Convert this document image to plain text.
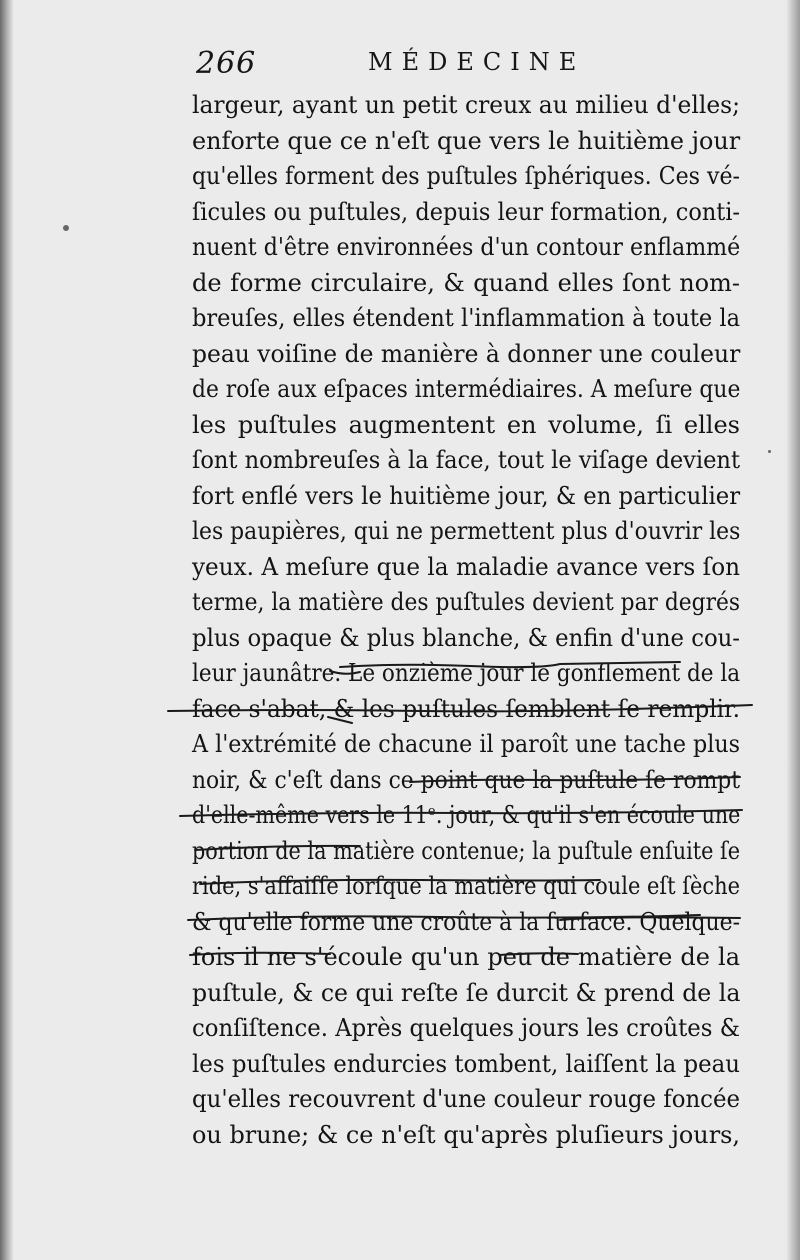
266	MÉDECINE
largeur, ayant un petit creux au milieu d'elles;
enforte que ce n'eſt que vers le huitième jour
qu'elles forment des puſtules ſphériques. Ces vé-
ſicules ou puſtules, depuis leur formation, conti-
nuent d'être environnées d'un contour enflammé
de forme circulaire, & quand elles ſont nom-
breuſes, elles étendent l'inflammation à toute la
peau voiſine de manière à donner une couleur
de roſe aux eſpaces intermédiaires. A meſure que
les puſtules augmentent en volume, ſi elles
ſont nombreuſes à la face, tout le viſage devient
fort enflé vers le huitième jour, & en particulier
les paupières, qui ne permettent plus d'ouvrir les
yeux. A meſure que la maladie avance vers ſon
terme, la matière des puſtules devient par degrés
plus opaque & plus blanche, & enfin d'une cou-
leur jaunâtre. Le onzième jour le gonflement de la
face s'abat, & les puſtules ſemblent ſe remplir.
A l'extrémité de chacune il paroît une tache plus
noir, & c'eſt dans ce point que la puſtule ſe rompt
d'elle-même vers le 11ᵉ. jour, & qu'il s'en écoule une
portion de la matière contenue; la puſtule enſuite ſe
ride, s'affaiſſe lorſque la matière qui coule eſt ſèche
& qu'elle forme une croûte à la ſurface. Quelque-
fois il ne s'écoule qu'un peu de matière de la
puſtule, & ce qui reſte ſe durcit & prend de la
conſiſtence. Après quelques jours les croûtes &
les puſtules endurcies tombent, laiſſent la peau
qu'elles recouvrent d'une couleur rouge foncée
ou brune; & ce n'eſt qu'après pluſieurs jours,
